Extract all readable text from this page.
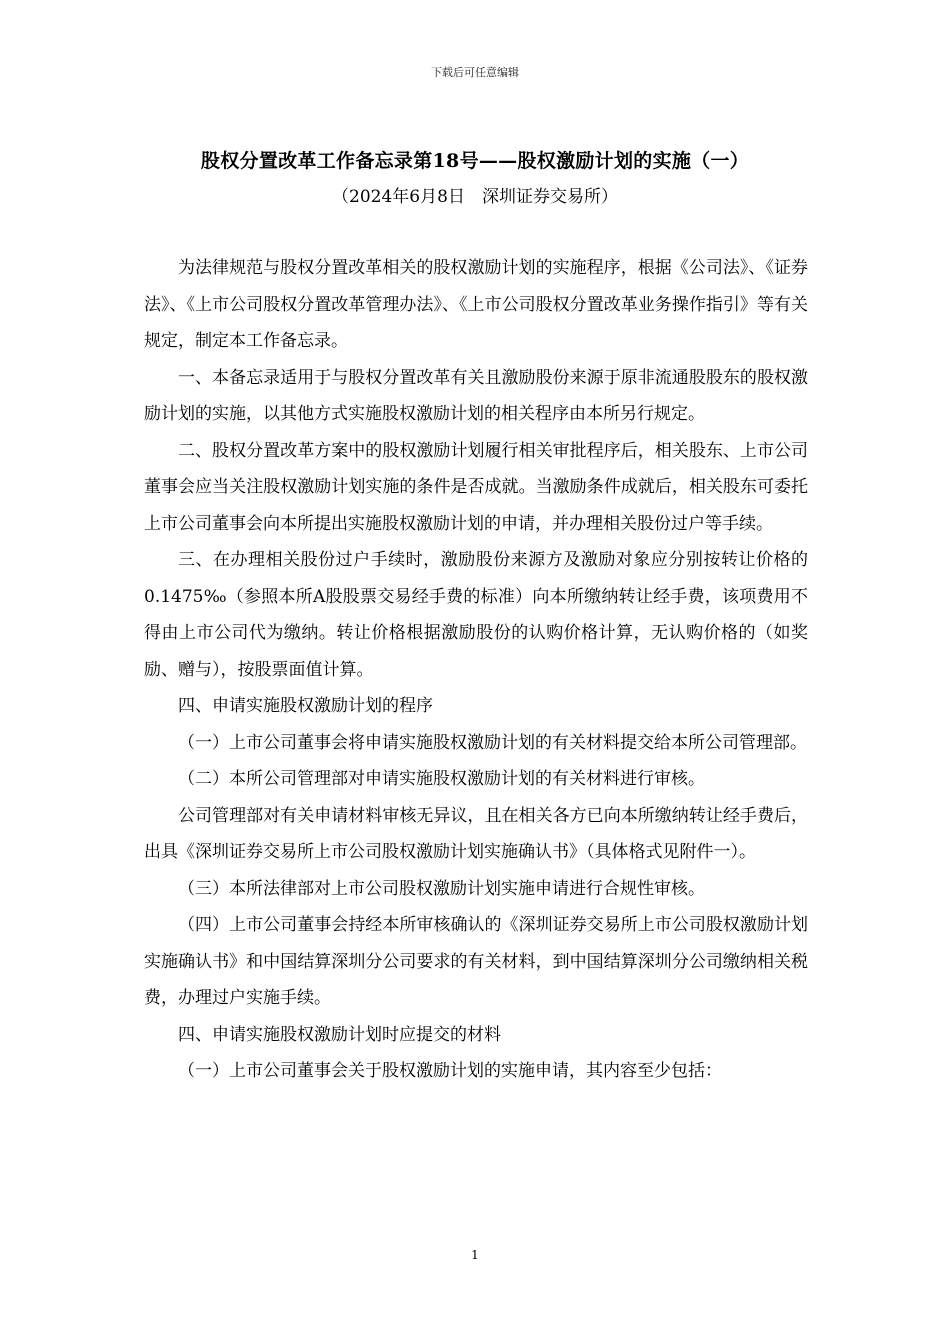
下载后可任意编辑
股权分置改革工作备忘录第18号——股权激励计划的实施（一）
（2024年6月8日　深圳证券交易所）

为法律规范与股权分置改革相关的股权激励计划的实施程序，根据《公司法》、《证券法》、《上市公司股权分置改革管理办法》、《上市公司股权分置改革业务操作指引》等有关规定，制定本工作备忘录。

一、本备忘录适用于与股权分置改革有关且激励股份来源于原非流通股股东的股权激励计划的实施，以其他方式实施股权激励计划的相关程序由本所另行规定。

二、股权分置改革方案中的股权激励计划履行相关审批程序后，相关股东、上市公司董事会应当关注股权激励计划实施的条件是否成就。当激励条件成就后，相关股东可委托上市公司董事会向本所提出实施股权激励计划的申请，并办理相关股份过户等手续。

三、在办理相关股份过户手续时，激励股份来源方及激励对象应分别按转让价格的0.1475‰（参照本所A股股票交易经手费的标准）向本所缴纳转让经手费，该项费用不得由上市公司代为缴纳。转让价格根据激励股份的认购价格计算，无认购价格的（如奖励、赠与），按股票面值计算。

四、申请实施股权激励计划的程序

（一）上市公司董事会将申请实施股权激励计划的有关材料提交给本所公司管理部。

（二）本所公司管理部对申请实施股权激励计划的有关材料进行审核。

公司管理部对有关申请材料审核无异议，且在相关各方已向本所缴纳转让经手费后，出具《深圳证券交易所上市公司股权激励计划实施确认书》（具体格式见附件一）。

（三）本所法律部对上市公司股权激励计划实施申请进行合规性审核。

（四）上市公司董事会持经本所审核确认的《深圳证券交易所上市公司股权激励计划实施确认书》和中国结算深圳分公司要求的有关材料，到中国结算深圳分公司缴纳相关税费，办理过户实施手续。

四、申请实施股权激励计划时应提交的材料

（一）上市公司董事会关于股权激励计划的实施申请，其内容至少包括：

1
